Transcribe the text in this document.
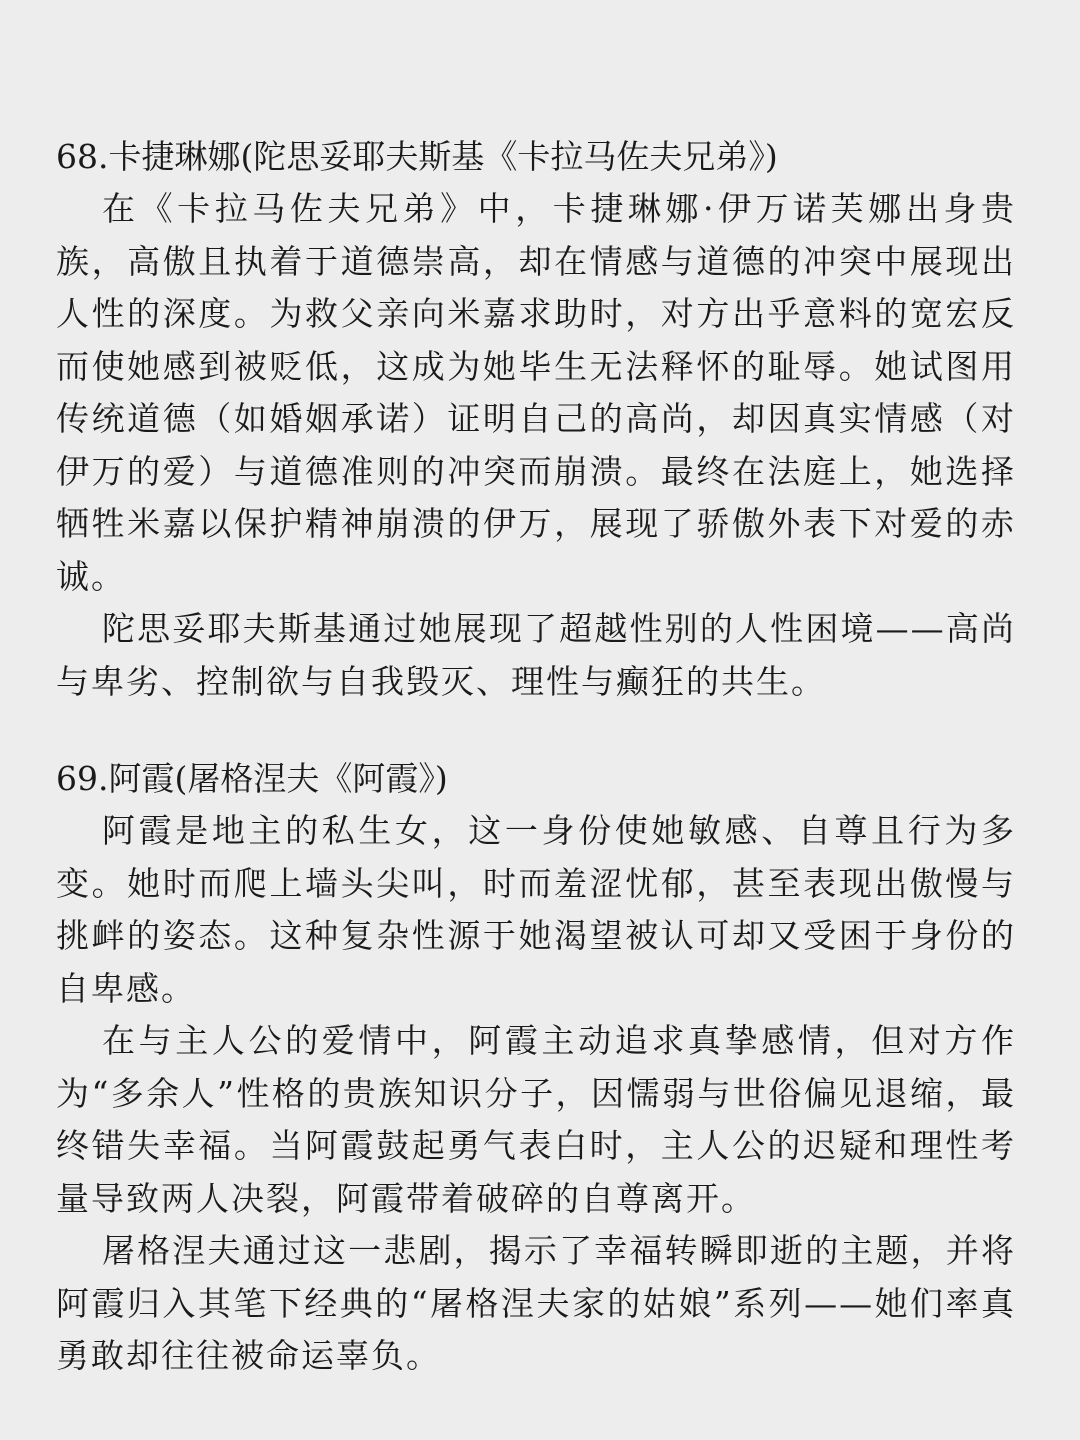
68.卡捷琳娜(陀思妥耶夫斯基《卡拉马佐夫兄弟》)

在《卡拉马佐夫兄弟》中，卡捷琳娜·伊万诺芙娜出身贵族，高傲且执着于道德崇高，却在情感与道德的冲突中展现出人性的深度。为救父亲向米嘉求助时，对方出乎意料的宽宏反而使她感到被贬低，这成为她毕生无法释怀的耻辱。她试图用传统道德（如婚姻承诺）证明自己的高尚，却因真实情感（对伊万的爱）与道德准则的冲突而崩溃。最终在法庭上，她选择牺牲米嘉以保护精神崩溃的伊万，展现了骄傲外表下对爱的赤诚。

陀思妥耶夫斯基通过她展现了超越性别的人性困境——高尚与卑劣、控制欲与自我毁灭、理性与癫狂的共生。

69.阿霞(屠格涅夫《阿霞》)

阿霞是地主的私生女，这一身份使她敏感、自尊且行为多变。她时而爬上墙头尖叫，时而羞涩忧郁，甚至表现出傲慢与挑衅的姿态。这种复杂性源于她渴望被认可却又受困于身份的自卑感。

在与主人公的爱情中，阿霞主动追求真挚感情，但对方作为“多余人”性格的贵族知识分子，因懦弱与世俗偏见退缩，最终错失幸福。当阿霞鼓起勇气表白时，主人公的迟疑和理性考量导致两人决裂，阿霞带着破碎的自尊离开。

屠格涅夫通过这一悲剧，揭示了幸福转瞬即逝的主题，并将阿霞归入其笔下经典的“屠格涅夫家的姑娘”系列——她们率真勇敢却往往被命运辜负。
